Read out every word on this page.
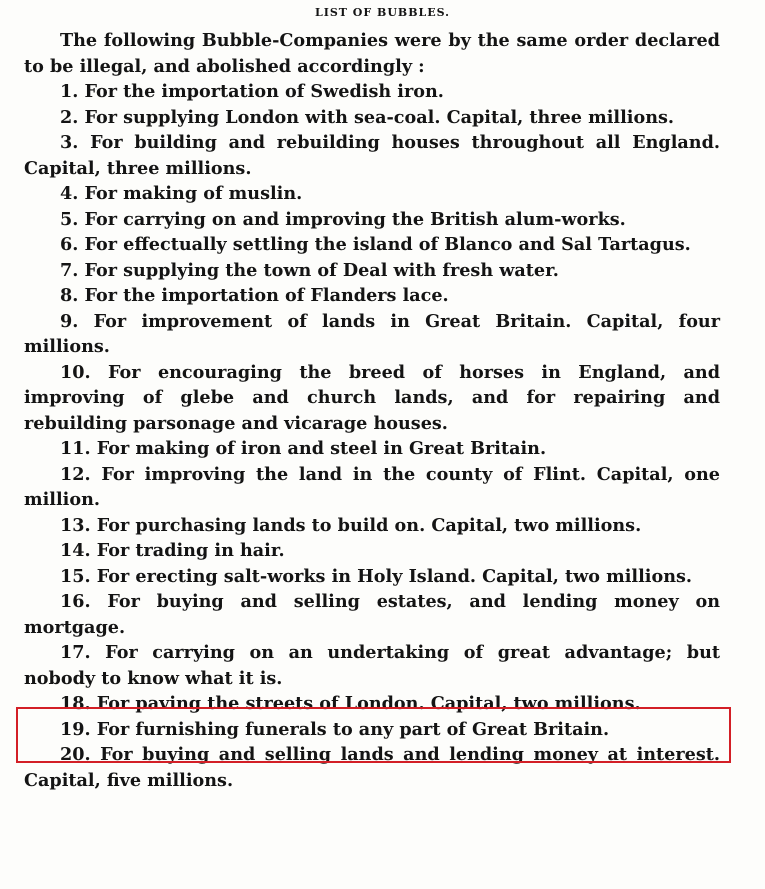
LIST OF BUBBLES.

The following Bubble-Companies were by the same order declared to be illegal, and abolished accordingly :

1. For the importation of Swedish iron.

2. For supplying London with sea-coal. Capital, three millions.

3. For building and rebuilding houses throughout all England. Capital, three millions.

4. For making of muslin.

5. For carrying on and improving the British alum-works.

6. For effectually settling the island of Blanco and Sal Tartagus.

7. For supplying the town of Deal with fresh water.

8. For the importation of Flanders lace.

9. For improvement of lands in Great Britain. Capital, four millions.

10. For encouraging the breed of horses in England, and improving of glebe and church lands, and for repairing and rebuilding parsonage and vicarage houses.

11. For making of iron and steel in Great Britain.

12. For improving the land in the county of Flint. Capital, one million.

13. For purchasing lands to build on. Capital, two millions.

14. For trading in hair.

15. For erecting salt-works in Holy Island. Capital, two millions.

16. For buying and selling estates, and lending money on mortgage.

17. For carrying on an undertaking of great advantage; but nobody to know what it is.

18. For paving the streets of London. Capital, two millions.

19. For furnishing funerals to any part of Great Britain.

20. For buying and selling lands and lending money at interest. Capital, five millions.
